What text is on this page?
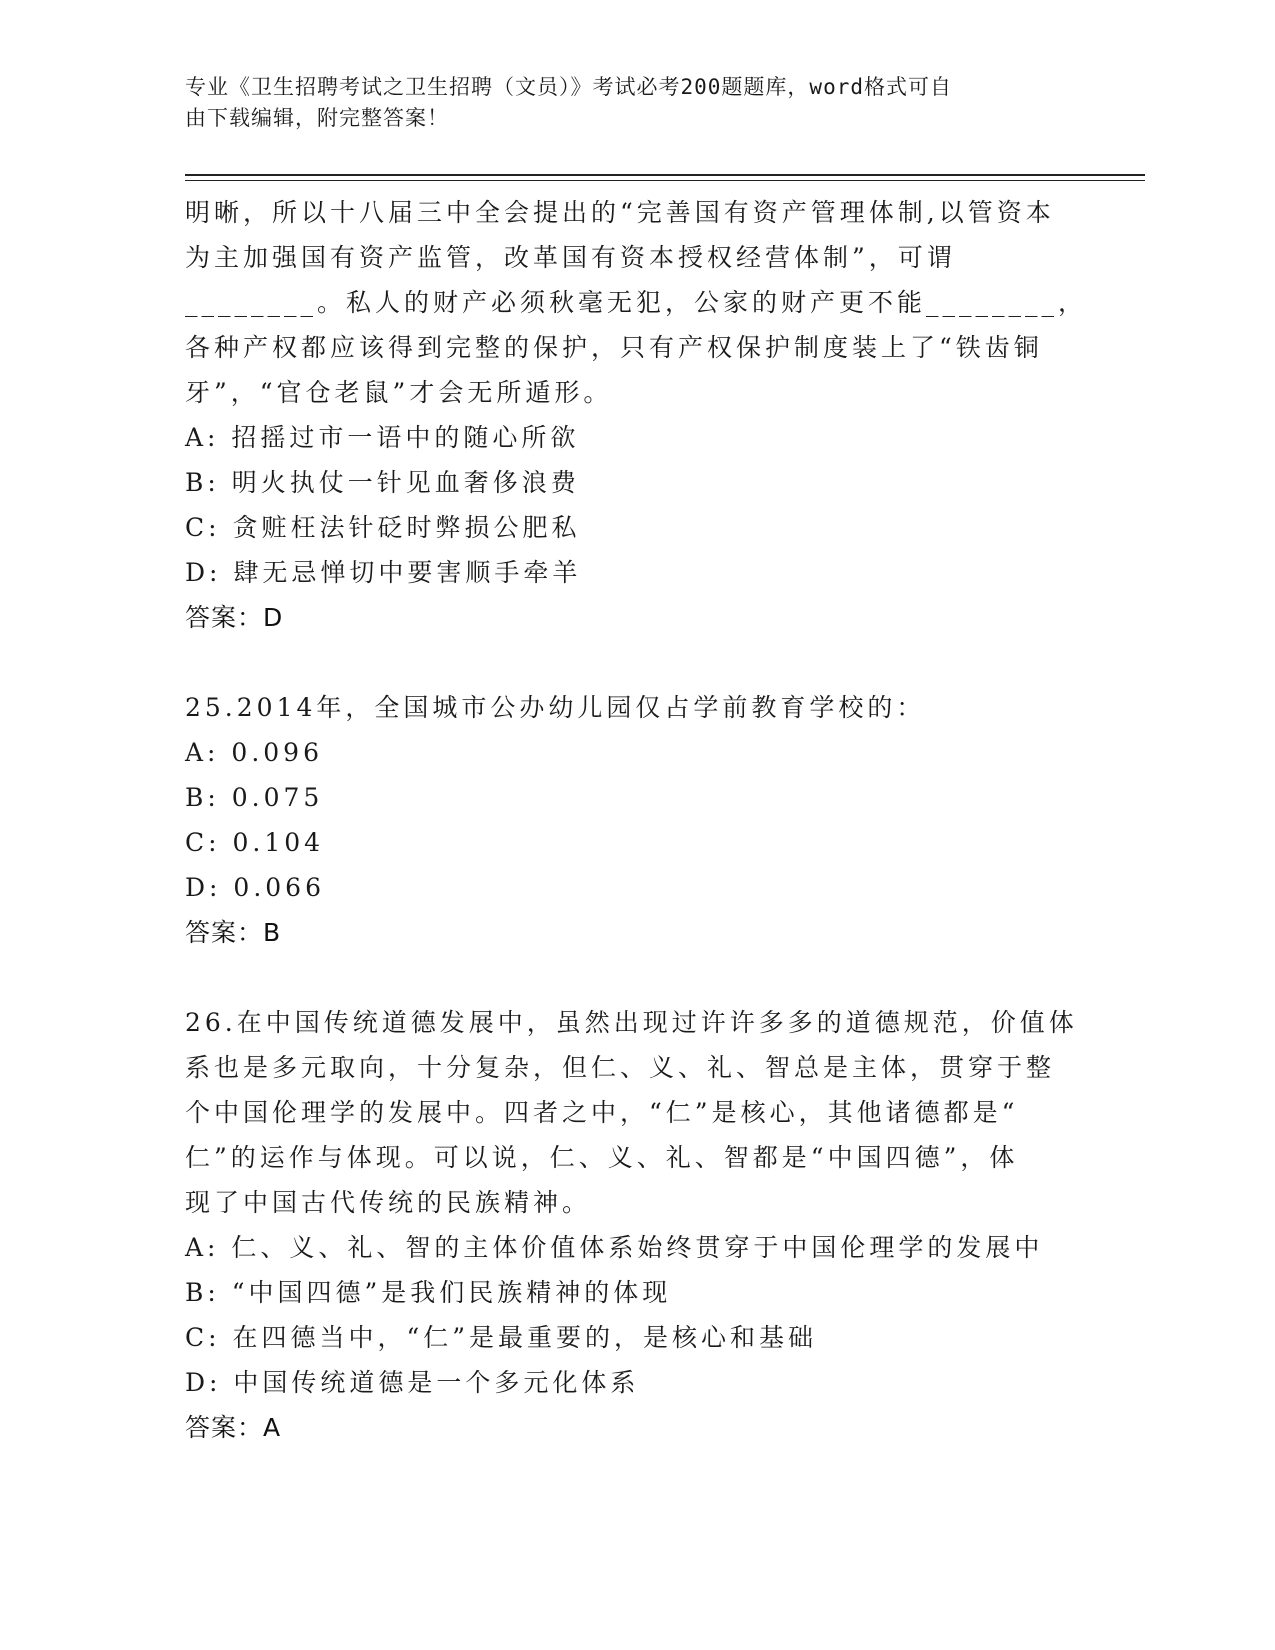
专业《卫生招聘考试之卫生招聘（文员）》考试必考200题题库，word格式可自
由下载编辑，附完整答案！
明晰，所以十八届三中全会提出的“完善国有资产管理体制,以管资本
为主加强国有资产监管，改革国有资本授权经营体制”，可谓
________。私人的财产必须秋毫无犯，公家的财产更不能________，
各种产权都应该得到完整的保护，只有产权保护制度装上了“铁齿铜
牙”，“官仓老鼠”才会无所遁形。
A: 招摇过市一语中的随心所欲
B: 明火执仗一针见血奢侈浪费
C: 贪赃枉法针砭时弊损公肥私
D: 肆无忌惮切中要害顺手牵羊
答案：D
25.2014年，全国城市公办幼儿园仅占学前教育学校的：
A: 0.096
B: 0.075
C: 0.104
D: 0.066
答案：B
26.在中国传统道德发展中，虽然出现过许许多多的道德规范，价值体
系也是多元取向，十分复杂，但仁、义、礼、智总是主体，贯穿于整
个中国伦理学的发展中。四者之中，“仁”是核心，其他诸德都是“
仁”的运作与体现。可以说，仁、义、礼、智都是“中国四德”，体
现了中国古代传统的民族精神。
A: 仁、义、礼、智的主体价值体系始终贯穿于中国伦理学的发展中
B: “中国四德”是我们民族精神的体现
C: 在四德当中，“仁”是最重要的，是核心和基础
D: 中国传统道德是一个多元化体系
答案：A
